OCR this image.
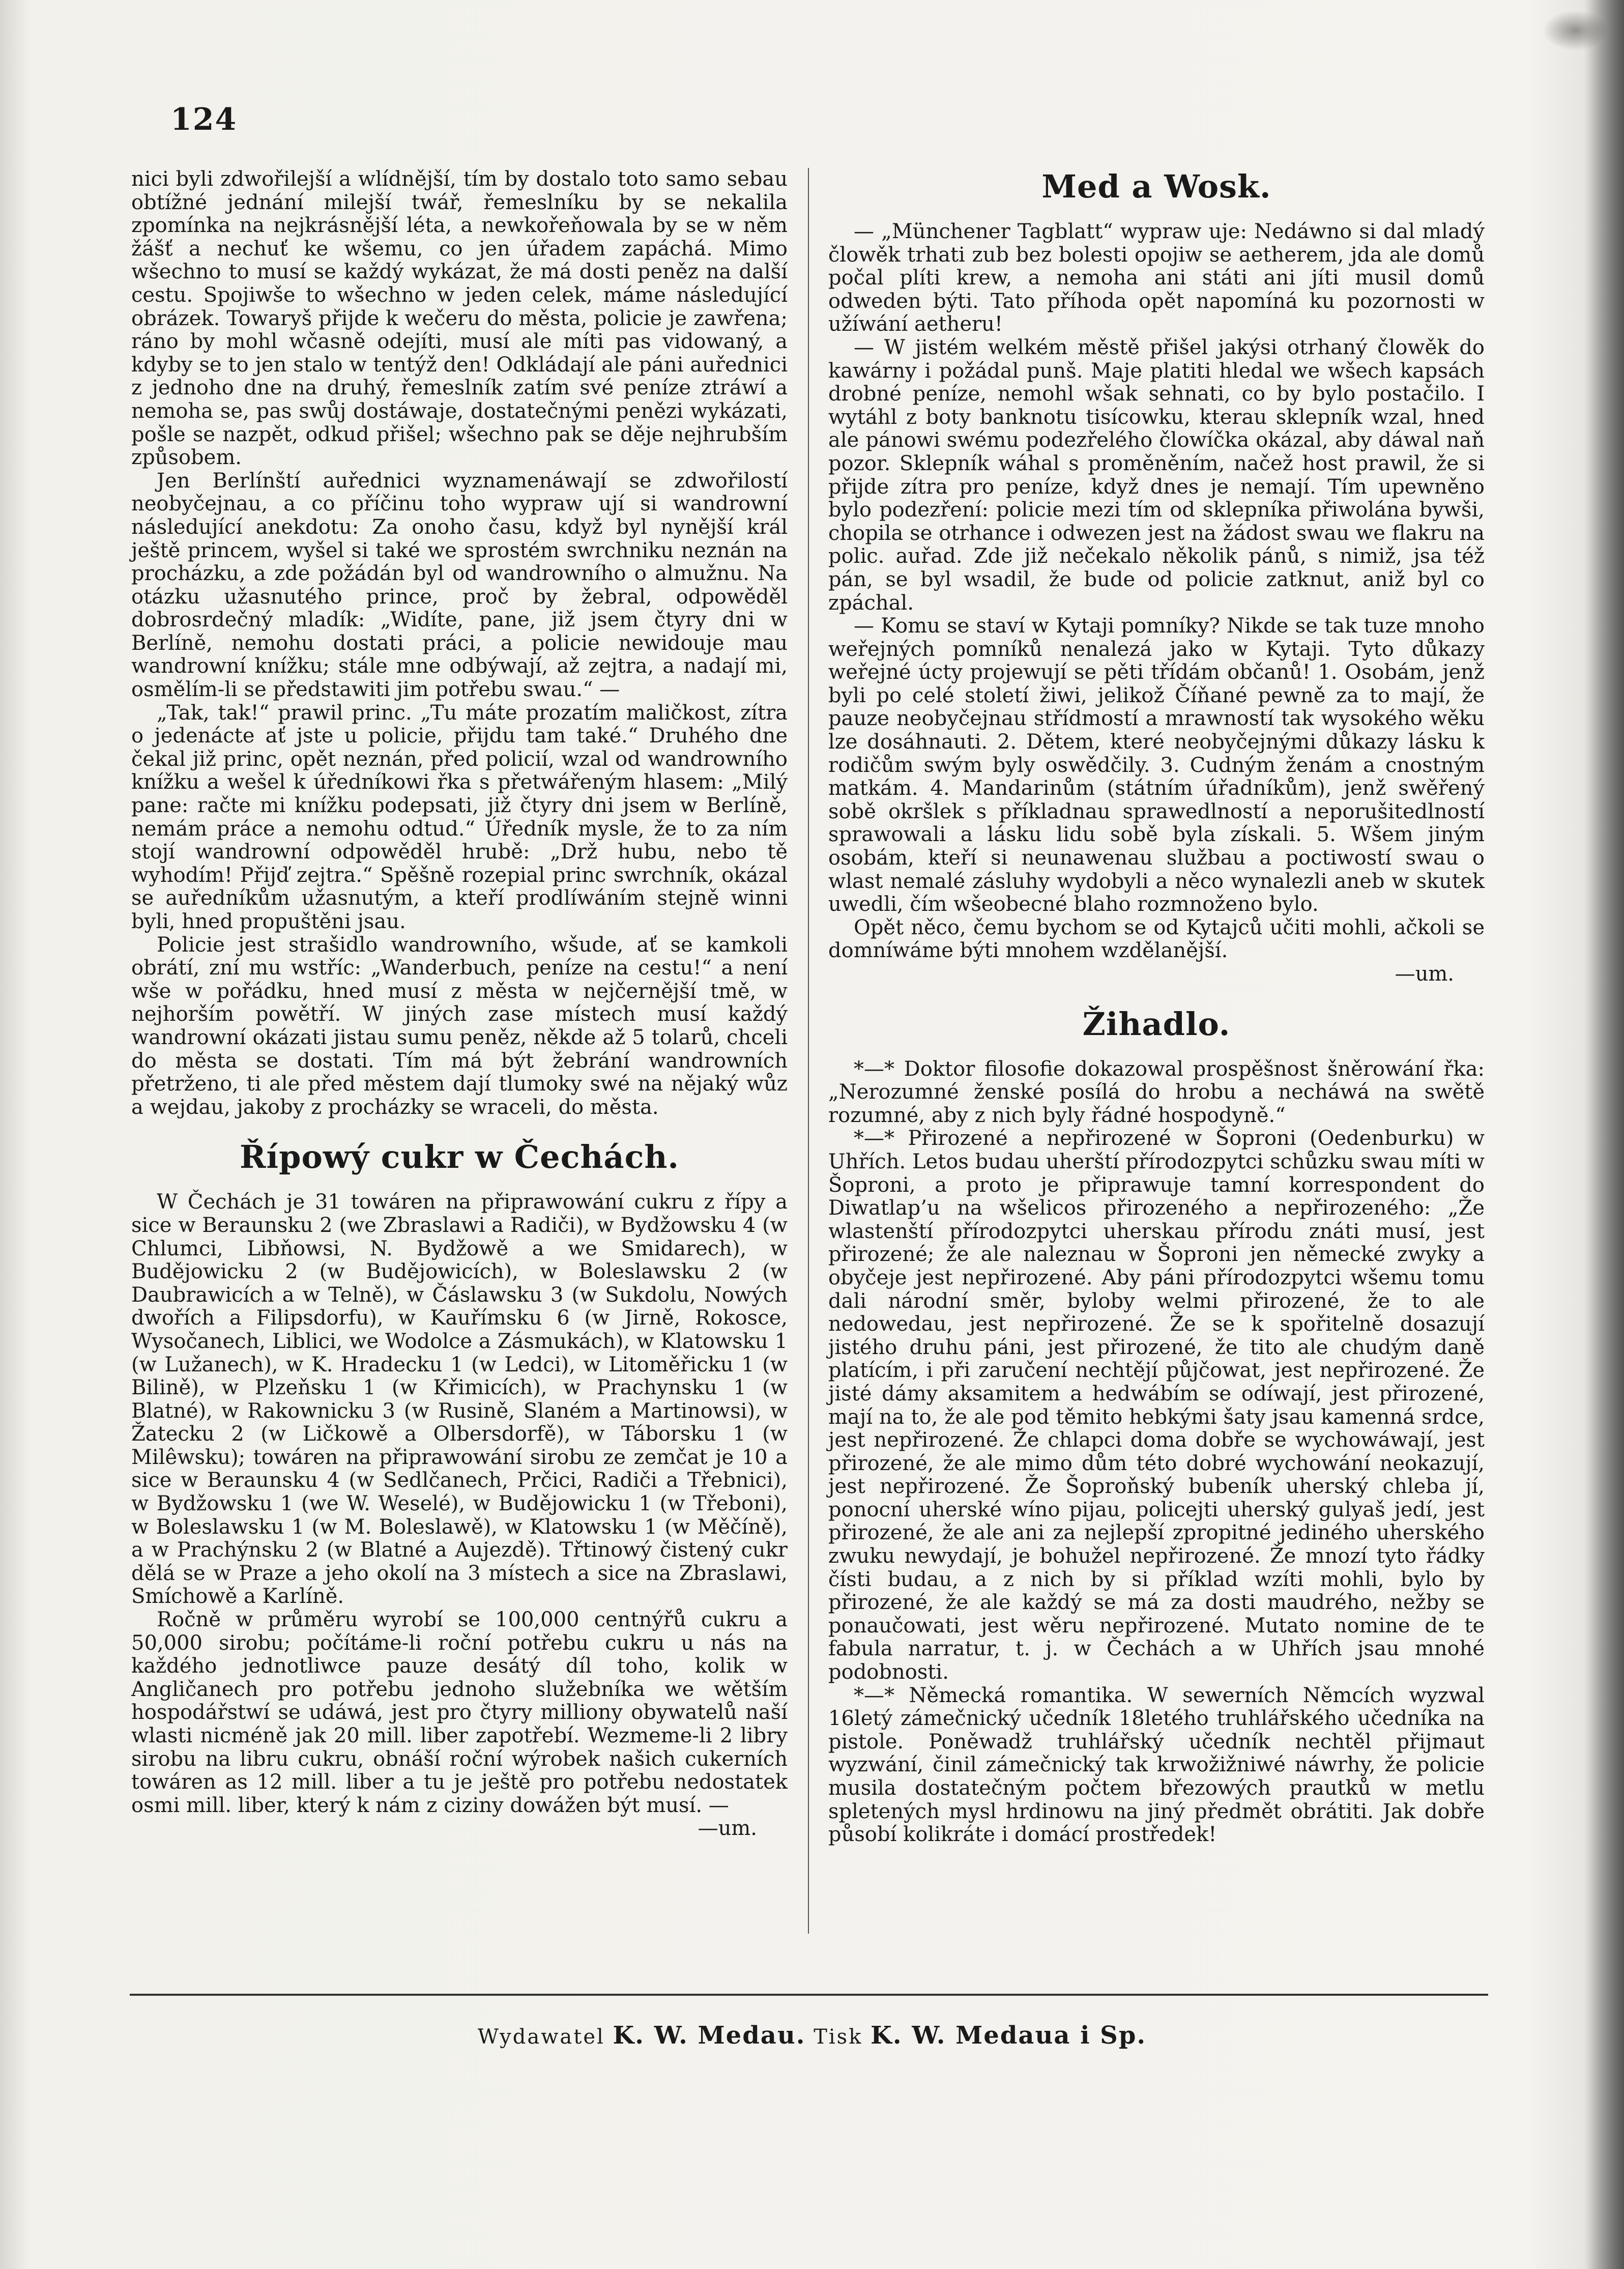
124

nici byli zdwořilejší a wlídnější, tím by dostalo toto samo sebau obtížné jednání milejší twář, řemeslníku by se nekalila zpomínka na nejkrásnější léta, a newkořeňowala by se w něm žášť a nechuť ke wšemu, co jen úřadem zapáchá. Mimo wšechno to musí se každý wykázat, že má dosti peněz na další cestu. Spojiwše to wšechno w jeden celek, máme následující obrázek. Towaryš přijde k wečeru do města, policie je zawřena; ráno by mohl wčasně odejíti, musí ale míti pas vidowaný, a kdyby se to jen stalo w tentýž den! Odkládají ale páni auřednici z jednoho dne na druhý, řemeslník zatím své peníze ztráwí a nemoha se, pas swůj dostáwaje, dostatečnými penězi wykázati, pošle se nazpět, odkud přišel; wšechno pak se děje nejhrubším způsobem.

Jen Berlínští auřednici wyznamenáwají se zdwořilostí neobyčejnau, a co příčinu toho wypraw ují si wandrowní následující anekdotu: Za onoho času, když byl nynější král ještě princem, wyšel si také we sprostém swrchniku neznán na procházku, a zde požádán byl od wandrowního o almužnu. Na otázku užasnutého prince, proč by žebral, odpowěděl dobrosrdečný mladík: „Widíte, pane, již jsem čtyry dni w Berlíně, nemohu dostati práci, a policie newidouje mau wandrowní knížku; stále mne odbýwají, až zejtra, a nadají mi, osmělím-li se předstawiti jim potřebu swau.“ —

„Tak, tak!“ prawil princ. „Tu máte prozatím maličkost, zítra o jedenácte ať jste u policie, přijdu tam také.“ Druhého dne čekal již princ, opět neznán, před policií, wzal od wandrowního knížku a wešel k úředníkowi řka s přetwářeným hlasem: „Milý pane: račte mi knížku podepsati, již čtyry dni jsem w Berlíně, nemám práce a nemohu odtud.“ Úředník mysle, že to za ním stojí wandrowní odpowěděl hrubě: „Drž hubu, nebo tě wyhodím! Přijď zejtra.“ Spěšně rozepial princ swrchník, okázal se auředníkům užasnutým, a kteří prodlíwáním stejně winni byli, hned propuštěni jsau.

Policie jest strašidlo wandrowního, wšude, ať se kamkoli obrátí, zní mu wstříc: „Wanderbuch, peníze na cestu!“ a není wše w pořádku, hned musí z města w nejčernější tmě, w nejhorším powětří. W jiných zase místech musí každý wandrowní okázati jistau sumu peněz, někde až 5 tolarů, chceli do města se dostati. Tím má být žebrání wandrowních přetrženo, ti ale před městem dají tlumoky swé na nějaký wůz a wejdau, jakoby z procházky se wraceli, do města.

Řípowý cukr w Čechách.

W Čechách je 31 towáren na připrawowání cukru z řípy a sice w Beraunsku 2 (we Zbraslawi a Radiči), w Bydžowsku 4 (w Chlumci, Libňowsi, N. Bydžowě a we Smidarech), w Budějowicku 2 (w Budějowicích), w Boleslawsku 2 (w Daubrawicích a w Telně), w Čáslawsku 3 (w Sukdolu, Nowých dwořích a Filipsdorfu), w Kauřímsku 6 (w Jirně, Rokosce, Wysočanech, Liblici, we Wodolce a Zásmukách), w Klatowsku 1 (w Lužanech), w K. Hradecku 1 (w Ledci), w Litoměřicku 1 (w Bilině), w Plzeňsku 1 (w Křimicích), w Prachynsku 1 (w Blatné), w Rakownicku 3 (w Rusině, Slaném a Martinowsi), w Žatecku 2 (w Ličkowě a Olbersdorfě), w Táborsku 1 (w Milêwsku); towáren na připrawowání sirobu ze zemčat je 10 a sice w Beraunsku 4 (w Sedlčanech, Prčici, Radiči a Třebnici), w Bydžowsku 1 (we W. Weselé), w Budějowicku 1 (w Třeboni), w Boleslawsku 1 (w M. Boleslawě), w Klatowsku 1 (w Měčíně), a w Prachýnsku 2 (w Blatné a Aujezdě). Třtinowý čistený cukr dělá se w Praze a jeho okolí na 3 místech a sice na Zbraslawi, Smíchowě a Karlíně.

Ročně w průměru wyrobí se 100,000 centnýřů cukru a 50,000 sirobu; počítáme-li roční potřebu cukru u nás na každého jednotliwce pauze desátý díl toho, kolik w Angličanech pro potřebu jednoho služebníka we wětším hospodářstwí se udáwá, jest pro čtyry milliony obywatelů naší wlasti nicméně jak 20 mill. liber zapotřebí. Wezmeme-li 2 libry sirobu na libru cukru, obnáší roční wýrobek našich cukerních towáren as 12 mill. liber a tu je ještě pro potřebu nedostatek osmi mill. liber, který k nám z ciziny dowážen být musí. —

—um.
Med a Wosk.

— „Münchener Tagblatt“ wypraw uje: Nedáwno si dal mladý člowěk trhati zub bez bolesti opojiw se aetherem, jda ale domů počal plíti krew, a nemoha ani státi ani jíti musil domů odweden býti. Tato příhoda opět napomíná ku pozornosti w užíwání aetheru!

— W jistém welkém městě přišel jakýsi otrhaný člowěk do kawárny i požádal punš. Maje platiti hledal we wšech kapsách drobné peníze, nemohl wšak sehnati, co by bylo postačilo. I wytáhl z boty banknotu tisícowku, kterau sklepník wzal, hned ale pánowi swému podezřelého člowíčka okázal, aby dáwal naň pozor. Sklepník wáhal s proměněním, načež host prawil, že si přijde zítra pro peníze, když dnes je nemají. Tím upewněno bylo podezření: policie mezi tím od sklepníka přiwolána bywši, chopila se otrhance i odwezen jest na žádost swau we flakru na polic. auřad. Zde již nečekalo několik pánů, s nimiž, jsa též pán, se byl wsadil, že bude od policie zatknut, aniž byl co zpáchal.

— Komu se staví w Kytaji pomníky? Nikde se tak tuze mnoho weřejných pomníků nenalezá jako w Kytaji. Tyto důkazy weřejné úcty projewují se pěti třídám občanů! 1. Osobám, jenž byli po celé století žiwi, jelikož Číňané pewně za to mají, že pauze neobyčejnau střídmostí a mrawností tak wysokého wěku lze dosáhnauti. 2. Dětem, které neobyčejnými důkazy lásku k rodičům swým byly oswědčily. 3. Cudným ženám a cnostným matkám. 4. Mandarinům (státním úřadníkům), jenž swěřený sobě okršlek s příkladnau sprawedlností a neporušitedlností sprawowali a lásku lidu sobě byla získali. 5. Wšem jiným osobám, kteří si neunawenau službau a poctiwostí swau o wlast nemalé zásluhy wydobyli a něco wynalezli aneb w skutek uwedli, čím wšeobecné blaho rozmnoženo bylo.

Opět něco, čemu bychom se od Kytajců učiti mohli, ačkoli se domníwáme býti mnohem wzdělanější.

—um.
Žihadlo.

*—* Doktor filosofie dokazowal prospěšnost šněrowání řka: „Nerozumné ženské posílá do hrobu a necháwá na swětě rozumné, aby z nich byly řádné hospodyně.“

*—* Přirozené a nepřirozené w Šoproni (Oedenburku) w Uhřích. Letos budau uherští přírodozpytci schůzku swau míti w Šoproni, a proto je připrawuje tamní korrespondent do Diwatlap’u na wšelicos přirozeného a nepřirozeného: „Že wlastenští přírodozpytci uherskau přírodu znáti musí, jest přirozené; že ale naleznau w Šoproni jen německé zwyky a obyčeje jest nepřirozené. Aby páni přírodozpytci wšemu tomu dali národní směr, byloby welmi přirozené, že to ale nedowedau, jest nepřirozené. Že se k spořitelně dosazují jistého druhu páni, jest přirozené, že tito ale chudým daně platícím, i při zaručení nechtějí půjčowat, jest nepřirozené. Že jisté dámy aksamitem a hedwábím se odíwají, jest přirozené, mají na to, že ale pod těmito hebkými šaty jsau kamenná srdce, jest nepřirozené. Že chlapci doma dobře se wychowáwají, jest přirozené, že ale mimo dům této dobré wychowání neokazují, jest nepřirozené. Že Šoproňský bubeník uherský chleba jí, ponocní uherské wíno pijau, policejti uherský gulyaš jedí, jest přirozené, že ale ani za nejlepší zpropitné jediného uherského zwuku newydají, je bohužel nepřirozené. Že mnozí tyto řádky čísti budau, a z nich by si příklad wzíti mohli, bylo by přirozené, že ale každý se má za dosti maudrého, nežby se ponaučowati, jest wěru nepřirozené. Mutato nomine de te fabula narratur, t. j. w Čechách a w Uhřích jsau mnohé podobnosti.

*—* Německá romantika. W sewerních Němcích wyzwal 16letý zámečnický učedník 18letého truhlářského učedníka na pistole. Poněwadž truhlářský učedník nechtěl přijmaut wyzwání, činil zámečnický tak krwožižniwé náwrhy, že policie musila dostatečným počtem březowých prautků w metlu spletených mysl hrdinowu na jiný předmět obrátiti. Jak dobře působí kolikráte i domácí prostředek!

Wydawatel K. W. Medau. Tisk K. W. Medaua i Sp.
